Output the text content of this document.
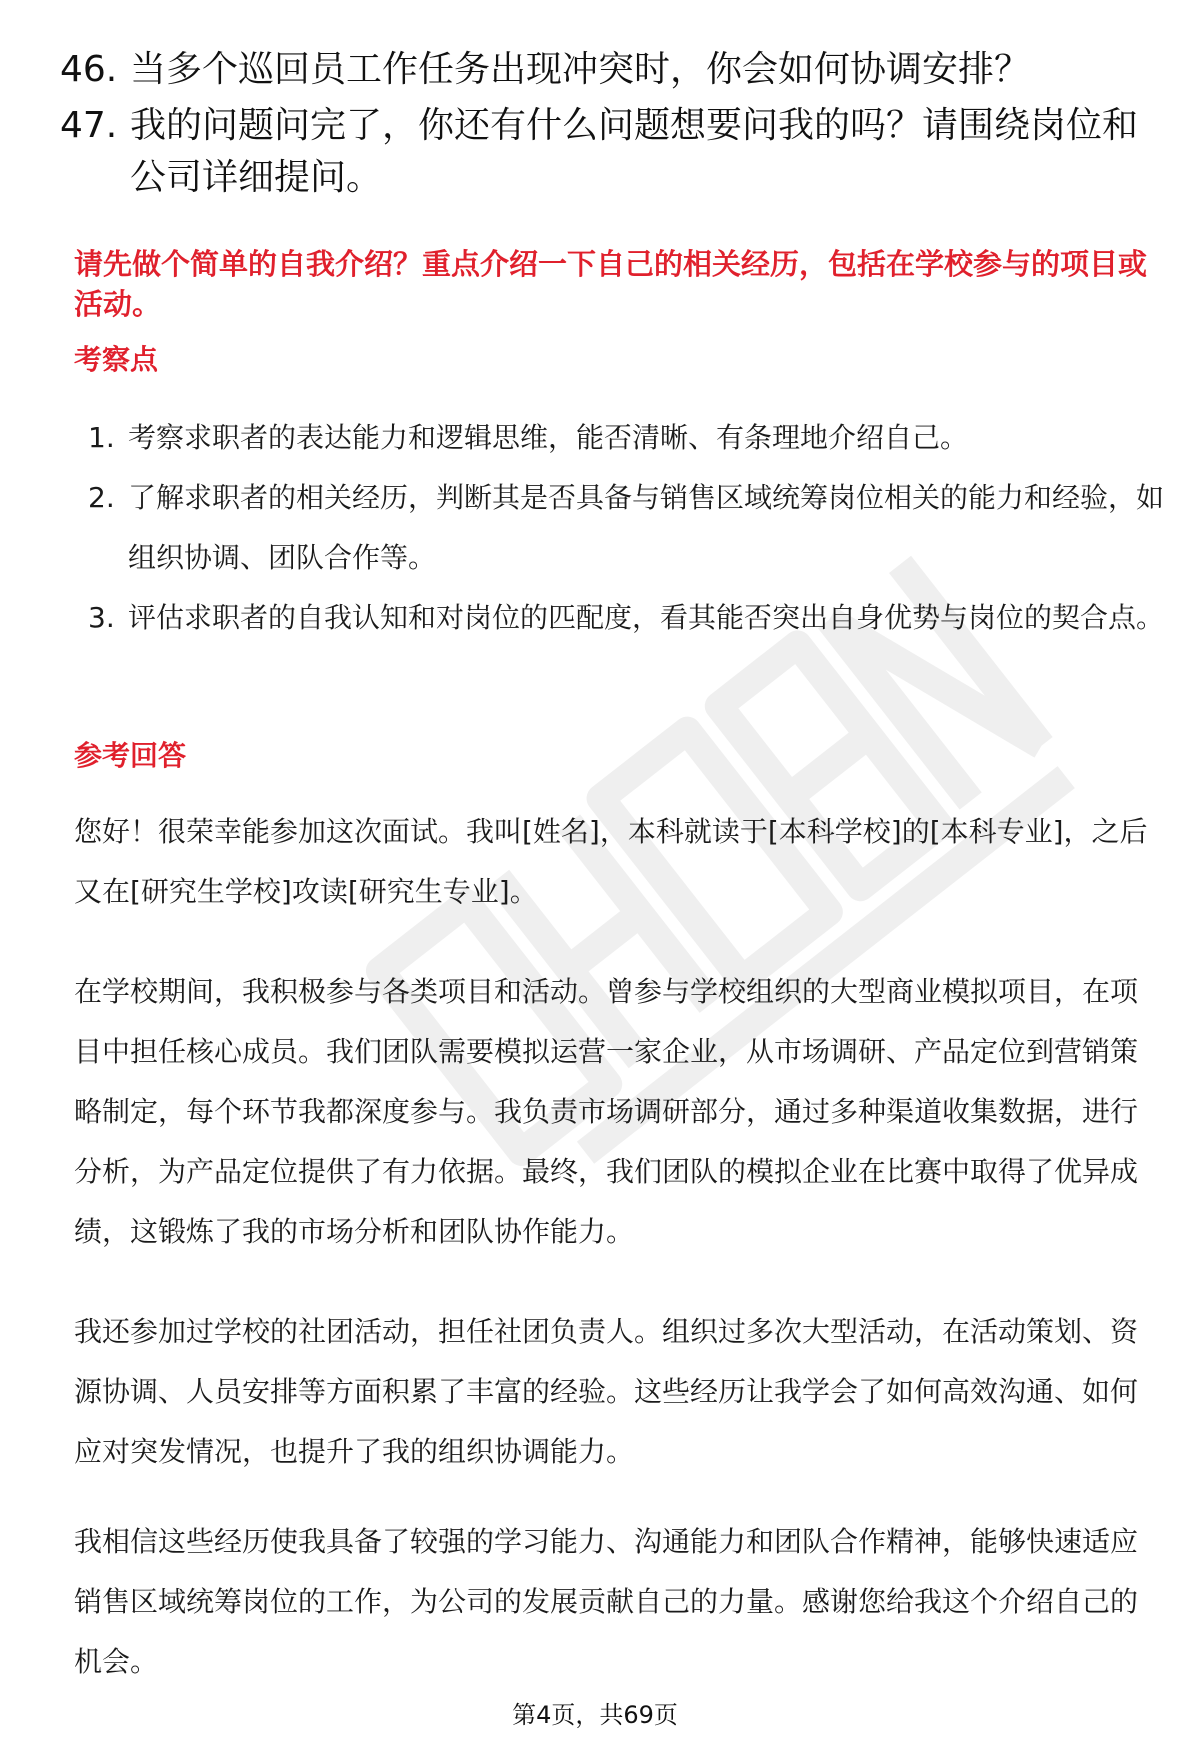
46. 当多个巡回员工作任务出现冲突时，你会如何协调安排？
47. 我的问题问完了，你还有什么问题想要问我的吗？请围绕岗位和公司详细提问。
请先做个简单的自我介绍？重点介绍一下自己的相关经历，包括在学校参与的项目或活动。
考察点
1. 考察求职者的表达能力和逻辑思维，能否清晰、有条理地介绍自己。
2. 了解求职者的相关经历，判断其是否具备与销售区域统筹岗位相关的能力和经验，如组织协调、团队合作等。
3. 评估求职者的自我认知和对岗位的匹配度，看其能否突出自身优势与岗位的契合点。
参考回答
您好！很荣幸能参加这次面试。我叫[姓名]，本科就读于[本科学校]的[本科专业]，之后又在[研究生学校]攻读[研究生专业]。
在学校期间，我积极参与各类项目和活动。曾参与学校组织的大型商业模拟项目，在项目中担任核心成员。我们团队需要模拟运营一家企业，从市场调研、产品定位到营销策略制定，每个环节我都深度参与。我负责市场调研部分，通过多种渠道收集数据，进行分析，为产品定位提供了有力依据。最终，我们团队的模拟企业在比赛中取得了优异成绩，这锻炼了我的市场分析和团队协作能力。
我还参加过学校的社团活动，担任社团负责人。组织过多次大型活动，在活动策划、资源协调、人员安排等方面积累了丰富的经验。这些经历让我学会了如何高效沟通、如何应对突发情况，也提升了我的组织协调能力。
我相信这些经历使我具备了较强的学习能力、沟通能力和团队合作精神，能够快速适应销售区域统筹岗位的工作，为公司的发展贡献自己的力量。感谢您给我这个介绍自己的机会。
第4页，共69页
